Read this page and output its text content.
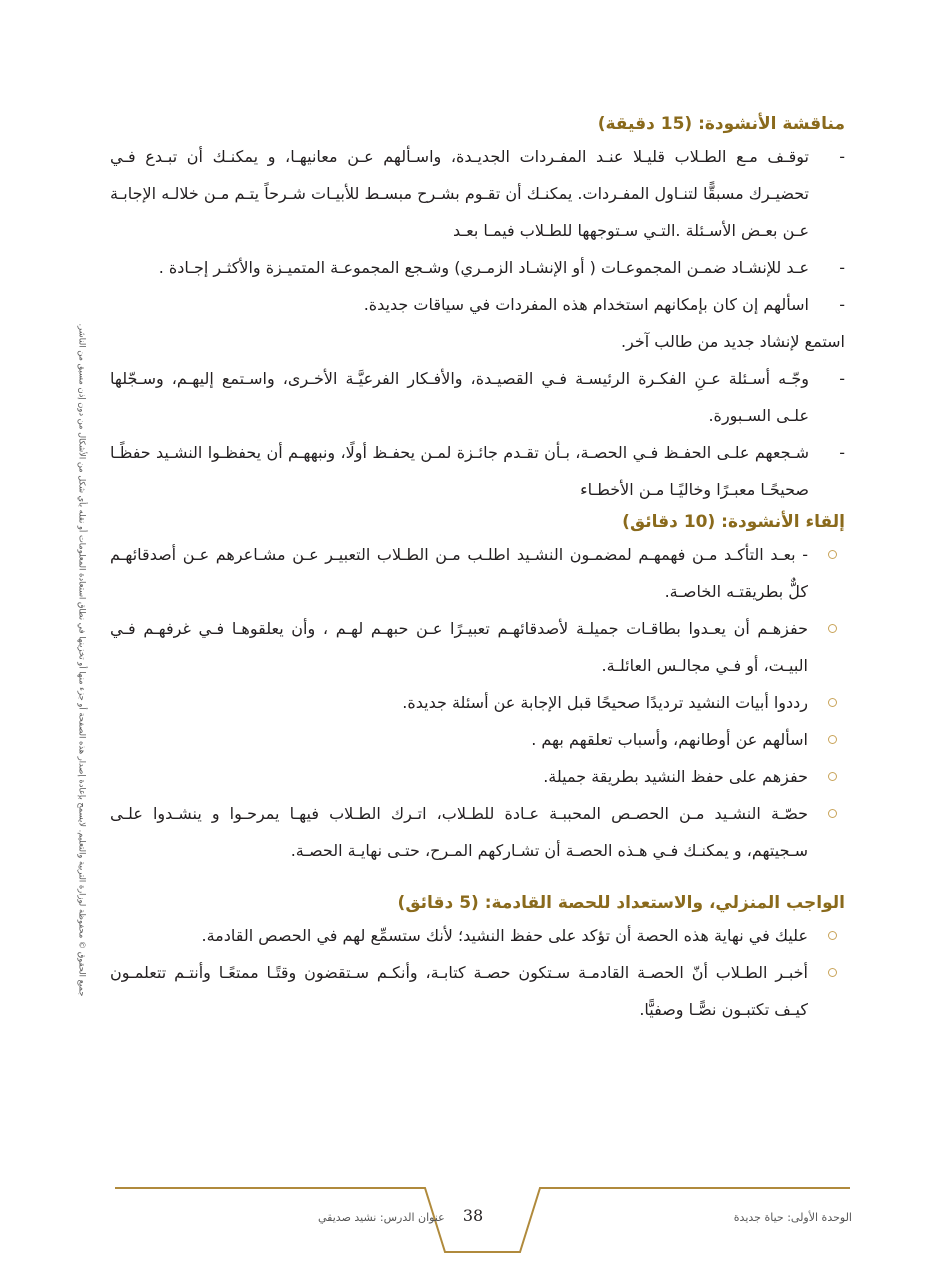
مناقشة الأنشودة: (15 دقيقة)
-

توقـف مـع الطـلاب قليـلا عنـد المفـردات الجديـدة، واسـألهم عـن معانيهـا، و يمكنـك أن تبـدع فـي تحضيـرك مسبقًّا لتنـاول المفـردات. يمكنـك أن تقـوم بشـرح مبسـط للأبيـات شـرحاً يتـم مـن خلالـه الإجابـة عـن بعـض الأسـئلة .التـي سـتوجهها للطـلاب فيمـا بعـد

-

عـد للإنشـاد ضمـن المجموعـات ( أو الإنشـاد الزمـري) وشـجع المجموعـة المتميـزة والأكثـر إجـادة .

-

اسألهم إن كان بإمكانهم استخدام هذه المفردات في سياقات جديدة.

استمع لإنشاد جديد من طالب آخر.

-

وجّـه أسـئلة عـنِ الفكـرة الرئيسـة فـي القصيـدة، والأفـكار الفرعيَّـة الأخـرى، واسـتمع إليهـم، وسـجّلها علـى السـبورة.

-

شـجعهم علـى الحفـظ فـي الحصـة، بـأن تقـدم جائـزة لمـن يحفـظ أولًا، ونبههـم أن يحفظـوا النشـيد حفظًـا صحيحًـا معبـرًا وخاليًـا مـن الأخطـاء

إلقاء الأنشودة: (10 دقائق)
- بعـد التأكـد مـن فهمهـم لمضمـون النشـيد اطلـب مـن الطـلاب التعبيـر عـن مشـاعرهم عـن أصدقائهـم كلٌّ بطريقتـه الخاصـة.
حفزهـم أن يعـدوا بطاقـات جميلـة لأصدقائهـم تعبيـرًا عـن حبهـم لهـم ، وأن يعلقوهـا فـي غرفهـم فـي البيـت، أو فـي مجالـس العائلـة.
رددوا أبيات النشيد ترديدًا صحيحًا قبل الإجابة عن أسئلة جديدة.
اسألهم عن أوطانهم، وأسباب تعلقهم بهم .
حفزهم على حفظ النشيد بطريقة جميلة.
حصّـة النشـيد مـن الحصـص المحببـة عـادة للطـلاب، اتـرك الطـلاب فيهـا يمرحـوا و ينشـدوا علـى سـجيتهم، و يمكنـك فـي هـذه الحصـة أن تشـاركهم المـرح، حتـى نهايـة الحصـة.
الواجب المنزلي، والاستعداد للحصة القادمة: (5 دقائق)
عليك في نهاية هذه الحصة أن تؤكد على حفظ النشيد؛ لأنك ستسمِّع لهم في الحصص القادمة.
أخبـر الطـلاب أنّ الحصـة القادمـة سـتكون حصـة كتابـة، وأنكـم سـتقضون وقتًـا ممتعًـا وأنتـم تتعلمـون كيـف تكتبـون نصًّـا وصفيًّا.
جميع الحقوق © محفوظة لوزارة التربية والتعليم. لايسمح بإعادة إصدار هذه الصفحة أو جزء منها أو تخزينها في نطاق استعادة المعلومات أو نقله بأي شكل من الأشكال من دون إذن مسبق من الناشر.
الوحدة الأولى: حياة جديدة
38
عنوان الدرس: نشيد صديقي
